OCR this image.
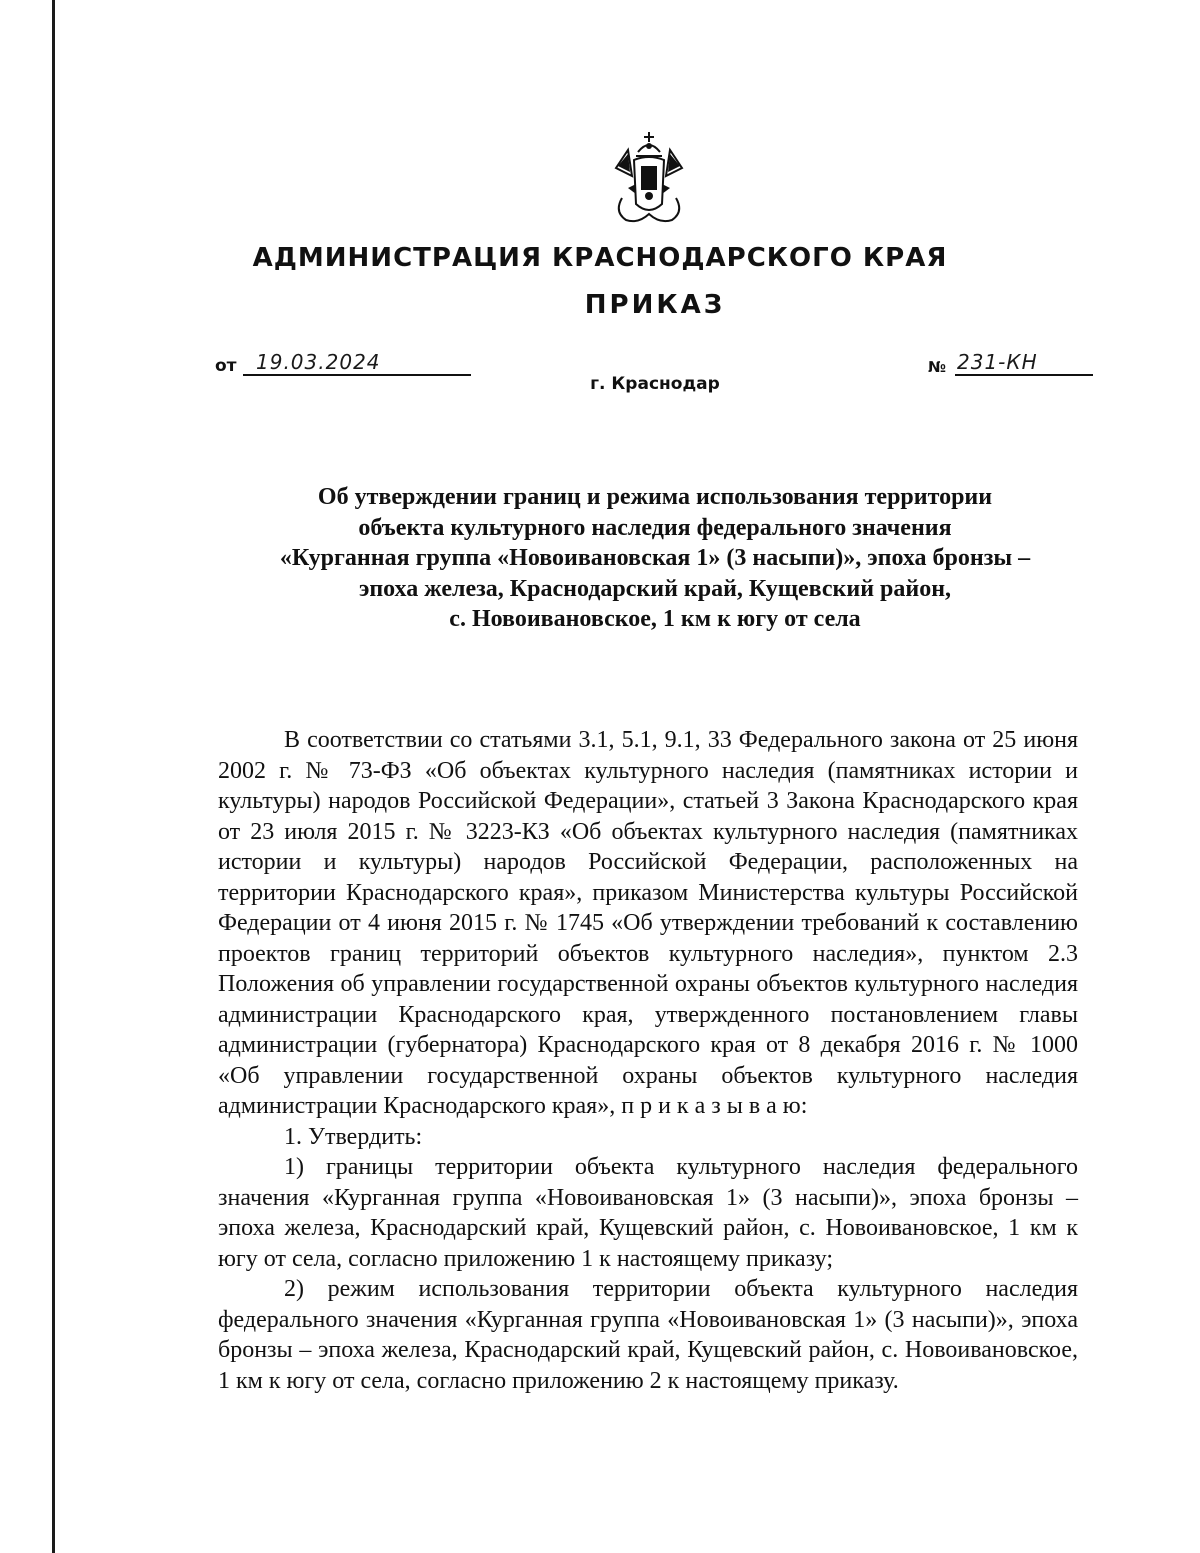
АДМИНИСТРАЦИЯ КРАСНОДАРСКОГО КРАЯ
ПРИКАЗ
от 19.03.2024	№ 231-КН
г. Краснодар
Об утверждении границ и режима использования территории
объекта культурного наследия федерального значения
«Курганная группа «Новоивановская 1» (3 насыпи)», эпоха бронзы –
эпоха железа, Краснодарский край, Кущевский район,
с. Новоивановское, 1 км к югу от села

В соответствии со статьями 3.1, 5.1, 9.1, 33 Федерального закона от 25 июня 2002 г. № 73-ФЗ «Об объектах культурного наследия (памятниках истории и культуры) народов Российской Федерации», статьей 3 Закона Краснодарского края от 23 июля 2015 г. № 3223-КЗ «Об объектах культурного наследия (памятниках истории и культуры) народов Российской Федерации, расположенных на территории Краснодарского края», приказом Министерства культуры Российской Федерации от 4 июня 2015 г. № 1745 «Об утверждении требований к составлению проектов границ территорий объектов культурного наследия», пунктом 2.3 Положения об управлении государственной охраны объектов культурного наследия администрации Краснодарского края, утвержденного постановлением главы администрации (губернатора) Краснодарского края от 8 декабря 2016 г. № 1000 «Об управлении государственной охраны объектов культурного наследия администрации Краснодарского края», п р и к а з ы в а ю:

1. Утвердить:

1) границы территории объекта культурного наследия федерального значения «Курганная группа «Новоивановская 1» (3 насыпи)», эпоха бронзы – эпоха железа, Краснодарский край, Кущевский район, с. Новоивановское, 1 км к югу от села, согласно приложению 1 к настоящему приказу;

2) режим использования территории объекта культурного наследия федерального значения «Курганная группа «Новоивановская 1» (3 насыпи)», эпоха бронзы – эпоха железа, Краснодарский край, Кущевский район, с. Новоивановское, 1 км к югу от села, согласно приложению 2 к настоящему приказу.
